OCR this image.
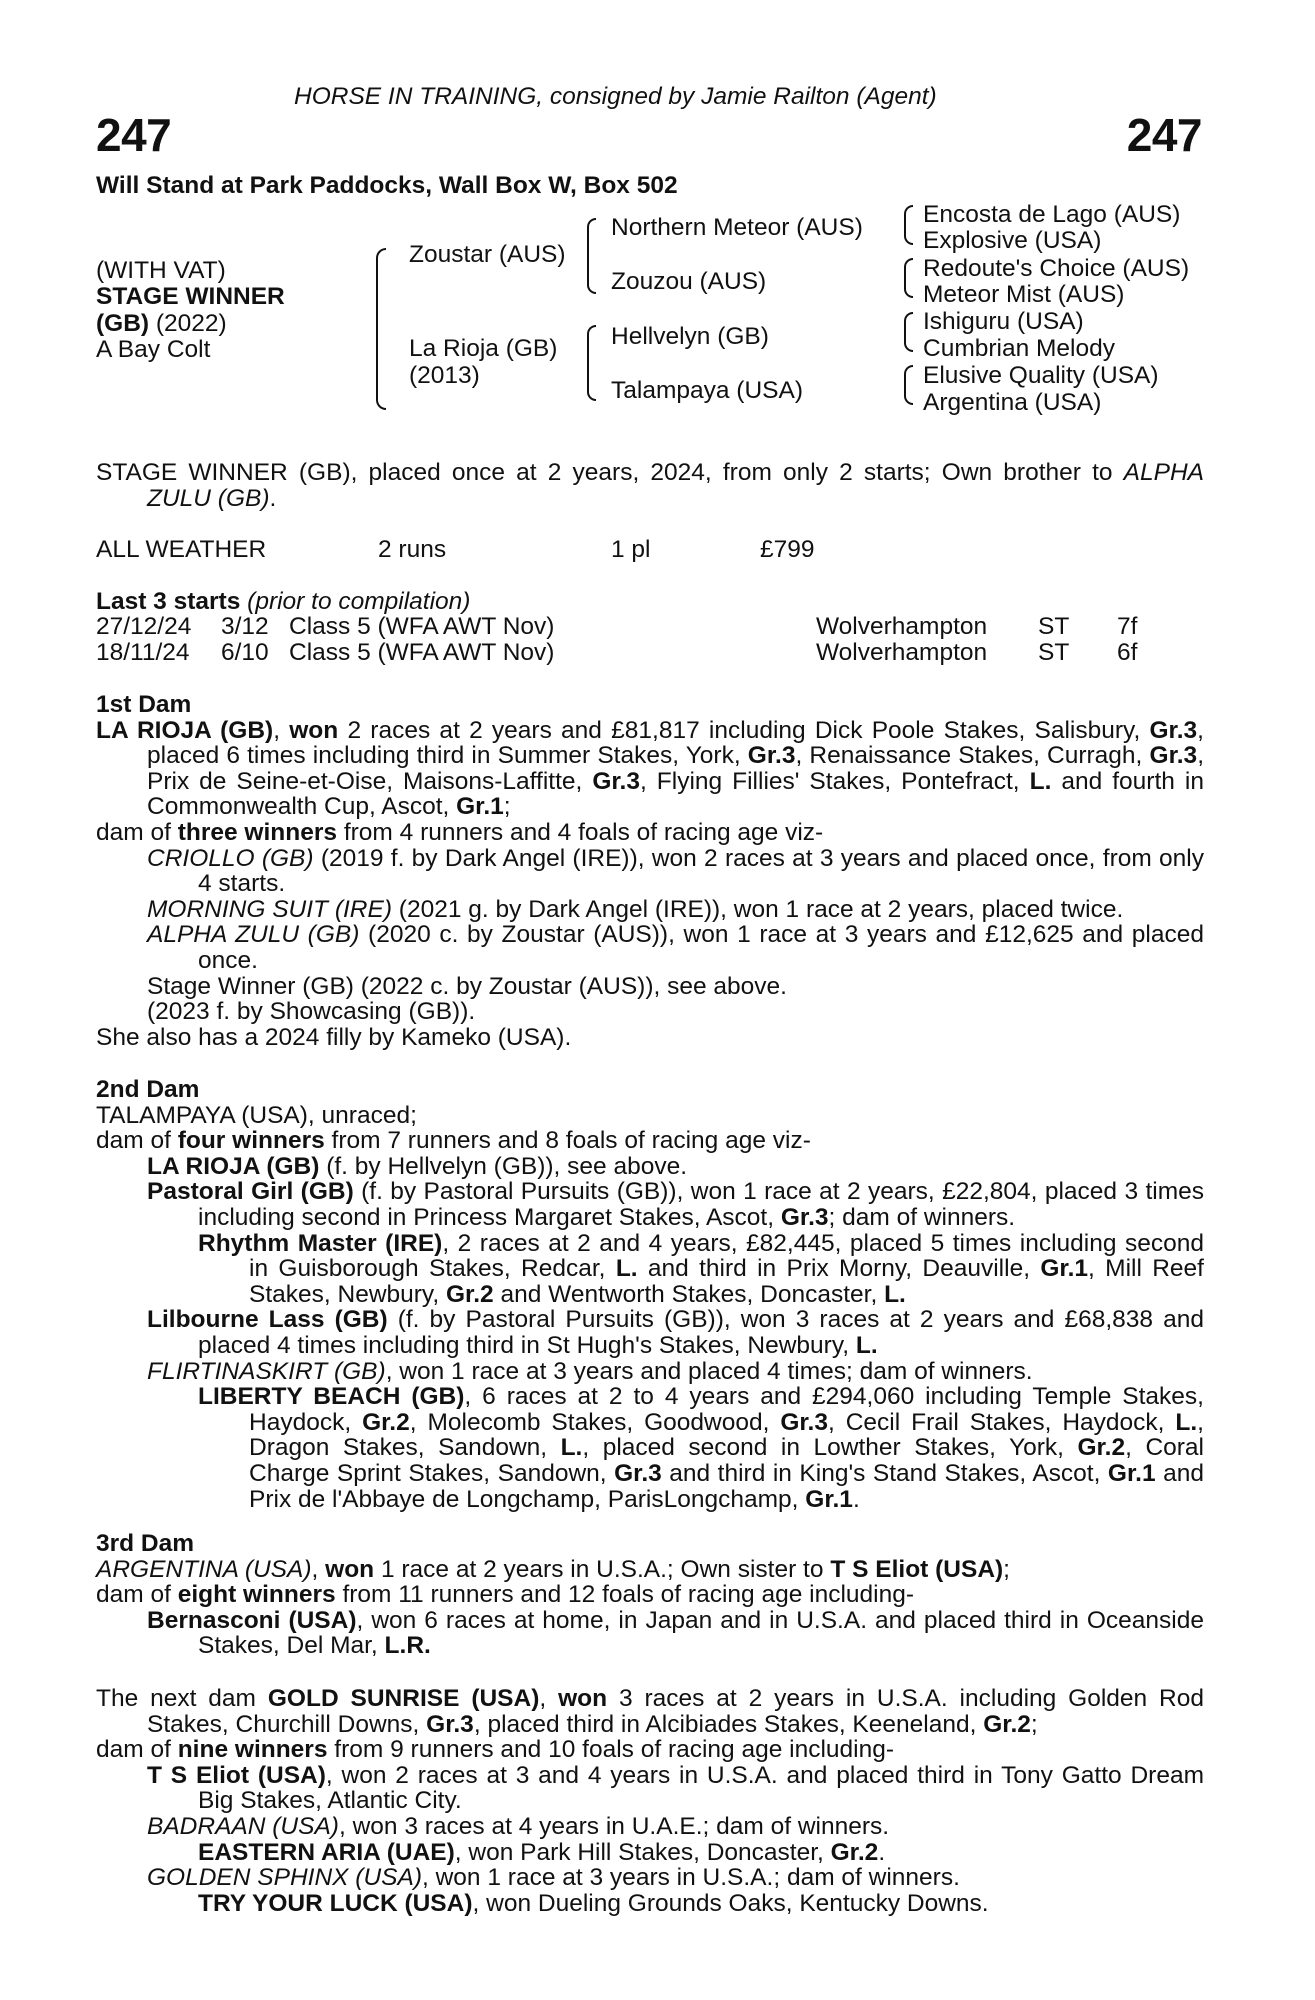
HORSE IN TRAINING, consigned by Jamie Railton (Agent)
247	247
Will Stand at Park Paddocks, Wall Box W, Box 502
(WITH VAT)
STAGE WINNER
(GB) (2022)
A Bay Colt
Zoustar (AUS)
La Rioja (GB)
(2013)
Northern Meteor (AUS)
Zouzou (AUS)
Hellvelyn (GB)
Talampaya (USA)
Encosta de Lago (AUS)
Explosive (USA)
Redoute's Choice (AUS)
Meteor Mist (AUS)
Ishiguru (USA)
Cumbrian Melody
Elusive Quality (USA)
Argentina (USA)

STAGE WINNER (GB), placed once at 2 years, 2024, from only 2 starts; Own brother to ALPHA ZULU (GB).

ALL WEATHER	2 runs	1 pl	£799
Last 3 starts (prior to compilation)
27/12/24 3/12 Class 5 (WFA AWT Nov)	Wolverhampton ST 7f
18/11/24 6/10 Class 5 (WFA AWT Nov)	Wolverhampton ST 6f

1st Dam

LA RIOJA (GB), won 2 races at 2 years and £81,817 including Dick Poole Stakes, Salisbury, Gr.3, placed 6 times including third in Summer Stakes, York, Gr.3, Renaissance Stakes, Curragh, Gr.3, Prix de Seine-et-Oise, Maisons-Laffitte, Gr.3, Flying Fillies' Stakes, Pontefract, L. and fourth in Commonwealth Cup, Ascot, Gr.1;

dam of three winners from 4 runners and 4 foals of racing age viz-

CRIOLLO (GB) (2019 f. by Dark Angel (IRE)), won 2 races at 3 years and placed once, from only 4 starts.

MORNING SUIT (IRE) (2021 g. by Dark Angel (IRE)), won 1 race at 2 years, placed twice.

ALPHA ZULU (GB) (2020 c. by Zoustar (AUS)), won 1 race at 3 years and £12,625 and placed once.

Stage Winner (GB) (2022 c. by Zoustar (AUS)), see above.

(2023 f. by Showcasing (GB)).

She also has a 2024 filly by Kameko (USA).

2nd Dam

TALAMPAYA (USA), unraced;

dam of four winners from 7 runners and 8 foals of racing age viz-

LA RIOJA (GB) (f. by Hellvelyn (GB)), see above.

Pastoral Girl (GB) (f. by Pastoral Pursuits (GB)), won 1 race at 2 years, £22,804, placed 3 times including second in Princess Margaret Stakes, Ascot, Gr.3; dam of winners.

Rhythm Master (IRE), 2 races at 2 and 4 years, £82,445, placed 5 times including second in Guisborough Stakes, Redcar, L. and third in Prix Morny, Deauville, Gr.1, Mill Reef Stakes, Newbury, Gr.2 and Wentworth Stakes, Doncaster, L.

Lilbourne Lass (GB) (f. by Pastoral Pursuits (GB)), won 3 races at 2 years and £68,838 and placed 4 times including third in St Hugh's Stakes, Newbury, L.

FLIRTINASKIRT (GB), won 1 race at 3 years and placed 4 times; dam of winners.

LIBERTY BEACH (GB), 6 races at 2 to 4 years and £294,060 including Temple Stakes, Haydock, Gr.2, Molecomb Stakes, Goodwood, Gr.3, Cecil Frail Stakes, Haydock, L., Dragon Stakes, Sandown, L., placed second in Lowther Stakes, York, Gr.2, Coral Charge Sprint Stakes, Sandown, Gr.3 and third in King's Stand Stakes, Ascot, Gr.1 and Prix de l'Abbaye de Longchamp, ParisLongchamp, Gr.1.

3rd Dam

ARGENTINA (USA), won 1 race at 2 years in U.S.A.; Own sister to T S Eliot (USA);

dam of eight winners from 11 runners and 12 foals of racing age including-

Bernasconi (USA), won 6 races at home, in Japan and in U.S.A. and placed third in Oceanside Stakes, Del Mar, L.R.

The next dam GOLD SUNRISE (USA), won 3 races at 2 years in U.S.A. including Golden Rod Stakes, Churchill Downs, Gr.3, placed third in Alcibiades Stakes, Keeneland, Gr.2;

dam of nine winners from 9 runners and 10 foals of racing age including-

T S Eliot (USA), won 2 races at 3 and 4 years in U.S.A. and placed third in Tony Gatto Dream Big Stakes, Atlantic City.

BADRAAN (USA), won 3 races at 4 years in U.A.E.; dam of winners.

EASTERN ARIA (UAE), won Park Hill Stakes, Doncaster, Gr.2.

GOLDEN SPHINX (USA), won 1 race at 3 years in U.S.A.; dam of winners.

TRY YOUR LUCK (USA), won Dueling Grounds Oaks, Kentucky Downs.
